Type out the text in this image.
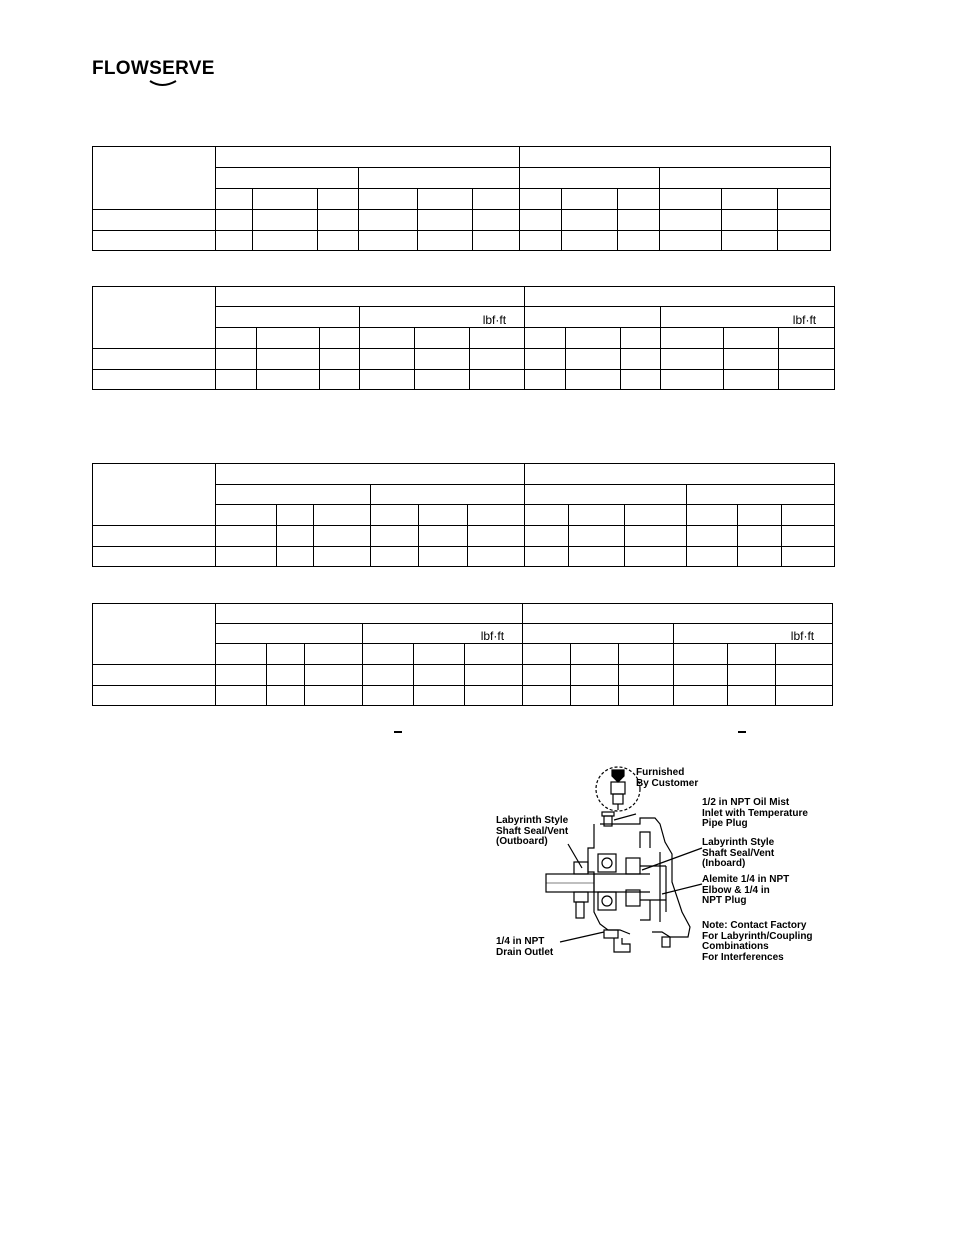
FLOWSERVE

				lbf·ft						lbf·ft		

				lbf·ft						lbf·ft		

Furnished
By Customer
1/2 in NPT Oil Mist
Inlet with Temperature
Pipe Plug
Labyrinth Style
Shaft Seal/Vent
(Outboard)	Labyrinth Style
Shaft Seal/Vent
(Inboard)
Alemite 1/4 in NPT
Elbow & 1/4 in
NPT Plug
1/4 in NPT
Drain Outlet
Note: Contact Factory
For Labyrinth/Coupling
Combinations
For Interferences
